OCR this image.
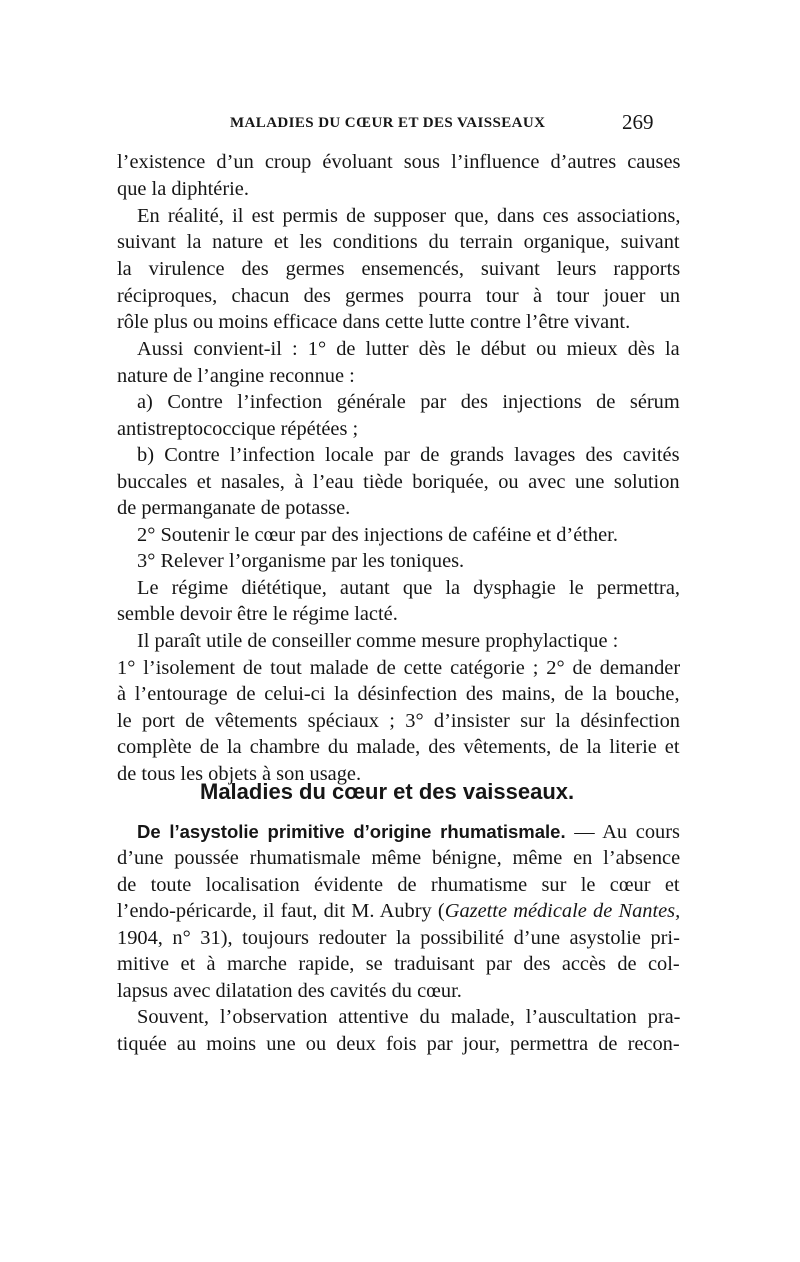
MALADIES DU CŒUR ET DES VAISSEAUX	269
l’existence d’un croup évoluant sous l’influence d’autres causes
que la diphtérie.
En réalité, il est permis de supposer que, dans ces associations,
suivant la nature et les conditions du terrain organique, suivant
la virulence des germes ensemencés, suivant leurs rapports
réciproques, chacun des germes pourra tour à tour jouer un
rôle plus ou moins efficace dans cette lutte contre l’être vivant.
Aussi convient-il : 1° de lutter dès le début ou mieux dès la
nature de l’angine reconnue :
a) Contre l’infection générale par des injections de sérum
antistreptococcique répétées ;
b) Contre l’infection locale par de grands lavages des cavités
buccales et nasales, à l’eau tiède boriquée, ou avec une solution
de permanganate de potasse.
2° Soutenir le cœur par des injections de caféine et d’éther.
3° Relever l’organisme par les toniques.
Le régime diététique, autant que la dysphagie le permettra,
semble devoir être le régime lacté.
Il paraît utile de conseiller comme mesure prophylactique :
1° l’isolement de tout malade de cette catégorie ; 2° de demander
à l’entourage de celui-ci la désinfection des mains, de la bouche,
le port de vêtements spéciaux ; 3° d’insister sur la désinfection
complète de la chambre du malade, des vêtements, de la literie et
de tous les objets à son usage.
Maladies du cœur et des vaisseaux.
De l’asystolie primitive d’origine rhumatismale. — Au cours
d’une poussée rhumatismale même bénigne, même en l’absence
de toute localisation évidente de rhumatisme sur le cœur et
l’endo-péricarde, il faut, dit M. Aubry (Gazette médicale de Nantes,
1904, n° 31), toujours redouter la possibilité d’une asystolie pri-
mitive et à marche rapide, se traduisant par des accès de col-
lapsus avec dilatation des cavités du cœur.
Souvent, l’observation attentive du malade, l’auscultation pra-
tiquée au moins une ou deux fois par jour, permettra de recon-
